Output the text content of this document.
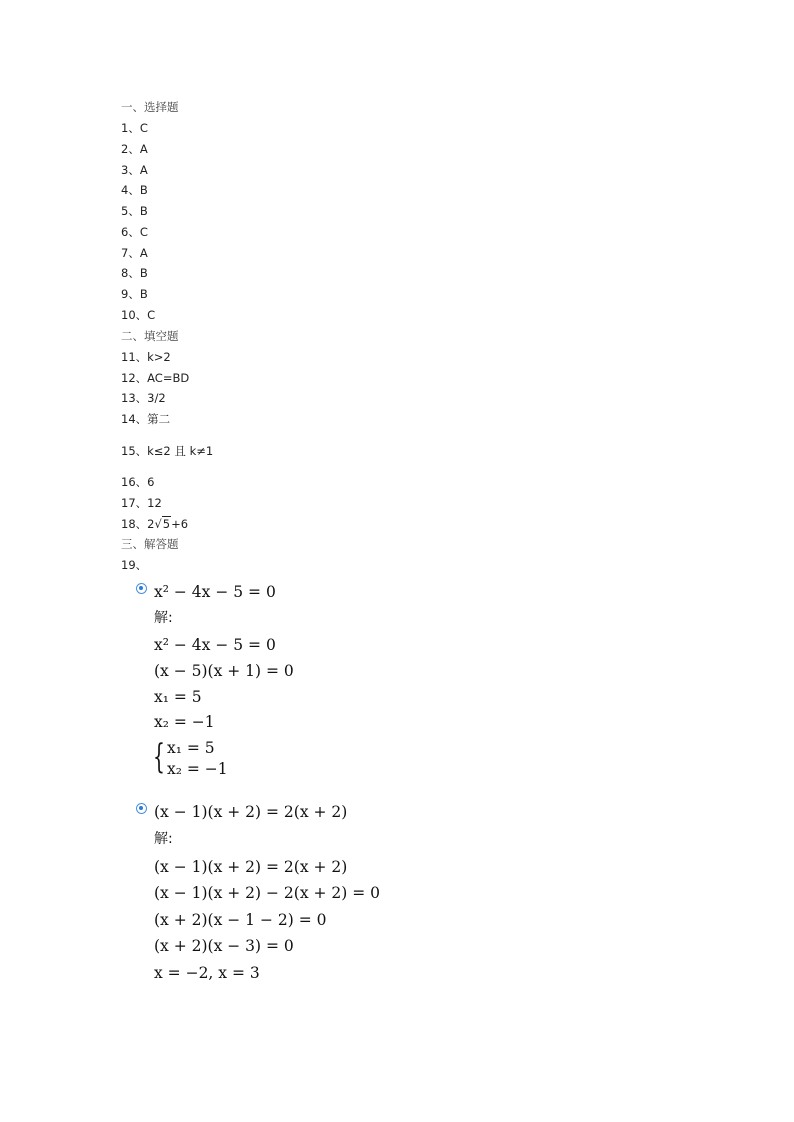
一、选择题
1、C
2、A
3、A
4、B
5、B
6、C
7、A
8、B
9、B
10、C
二、填空题
11、k>2
12、AC=BD
13、3/2
14、第二
15、k≤2 且 k≠1
16、6
17、12
18、2√5+6
三、解答题
19、
x² − 4x − 5 = 0
解:
x² − 4x − 5 = 0
(x − 5)(x + 1) = 0
x₁ = 5
x₂ = −1
{ x₁ = 5
x₂ = −1
(x − 1)(x + 2) = 2(x + 2)
解:
(x − 1)(x + 2) = 2(x + 2)
(x − 1)(x + 2) − 2(x + 2) = 0
(x + 2)(x − 1 − 2) = 0
(x + 2)(x − 3) = 0
x = −2, x = 3
